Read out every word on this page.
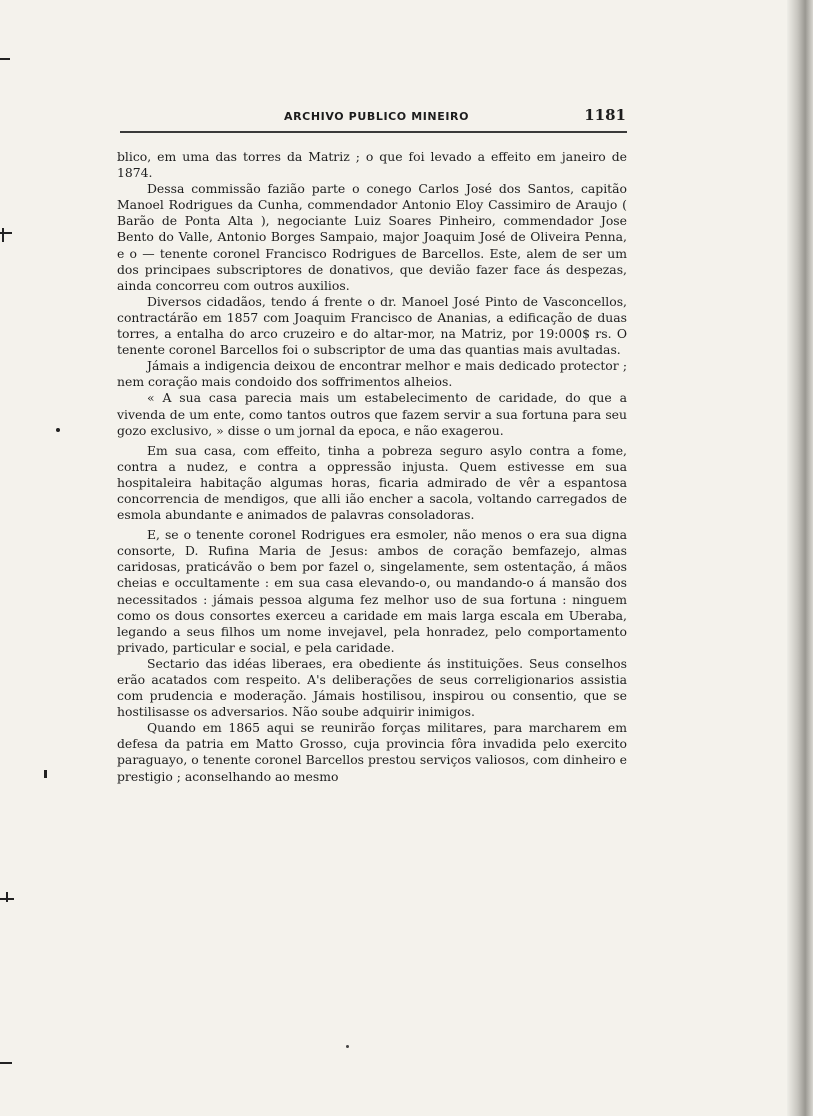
ARCHIVO PUBLICO MINEIRO	1181

blico, em uma das torres da Matriz ; o que foi levado a effeito em janeiro de 1874.

Dessa commissão fazião parte o conego Carlos José dos Santos, capitão Manoel Rodrigues da Cunha, commendador Antonio Eloy Cassimiro de Araujo ( Barão de Ponta Alta ), negociante Luiz Soares Pinheiro, commendador Jose Bento do Valle, Antonio Borges Sampaio, major Joaquim José de Oliveira Penna, e o — tenente coronel Francisco Rodrigues de Barcellos. Este, alem de ser um dos principaes subscriptores de donativos, que devião fazer face ás despezas, ainda concorreu com outros auxilios.

Diversos cidadãos, tendo á frente o dr. Manoel José Pinto de Vasconcellos, contractárão em 1857 com Joaquim Francisco de Ananias, a edificação de duas torres, a entalha do arco cruzeiro e do altar-mor, na Matriz, por 19:000$ rs. O tenente coronel Barcellos foi o subscriptor de uma das quantias mais avultadas.

Jámais a indigencia deixou de encontrar melhor e mais dedicado protector ; nem coração mais condoido dos soffrimentos alheios.

« A sua casa parecia mais um estabelecimento de caridade, do que a vivenda de um ente, como tantos outros que fazem servir a sua fortuna para seu gozo exclusivo, » disse o um jornal da epoca, e não exagerou.

Em sua casa, com effeito, tinha a pobreza seguro asylo contra a fome, contra a nudez, e contra a oppressão injusta. Quem estivesse em sua hospitaleira habitação algumas horas, ficaria admirado de vêr a espantosa concorrencia de mendigos, que alli ião encher a sacola, voltando carregados de esmola abundante e animados de palavras consoladoras.

E, se o tenente coronel Rodrigues era esmoler, não menos o era sua digna consorte, D. Rufina Maria de Jesus: ambos de coração bemfazejo, almas caridosas, praticávão o bem por fazel o, singelamente, sem ostentação, á mãos cheias e occultamente : em sua casa elevando-o, ou mandando-o á mansão dos necessitados : jámais pessoa alguma fez melhor uso de sua fortuna : ninguem como os dous consortes exerceu a caridade em mais larga escala em Uberaba, legando a seus filhos um nome invejavel, pela honradez, pelo comportamento privado, particular e social, e pela caridade.

Sectario das idéas liberaes, era obediente ás instituições. Seus conselhos erão acatados com respeito. A's deliberações de seus correligionarios assistia com prudencia e moderação. Jámais hostilisou, inspirou ou consentio, que se hostilisasse os adversarios. Não soube adquirir inimigos.

Quando em 1865 aqui se reunirão forças militares, para marcharem em defesa da patria em Matto Grosso, cuja provincia fôra invadida pelo exercito paraguayo, o tenente coronel Barcellos prestou serviços valiosos, com dinheiro e prestigio ; aconselhando ao mesmo
